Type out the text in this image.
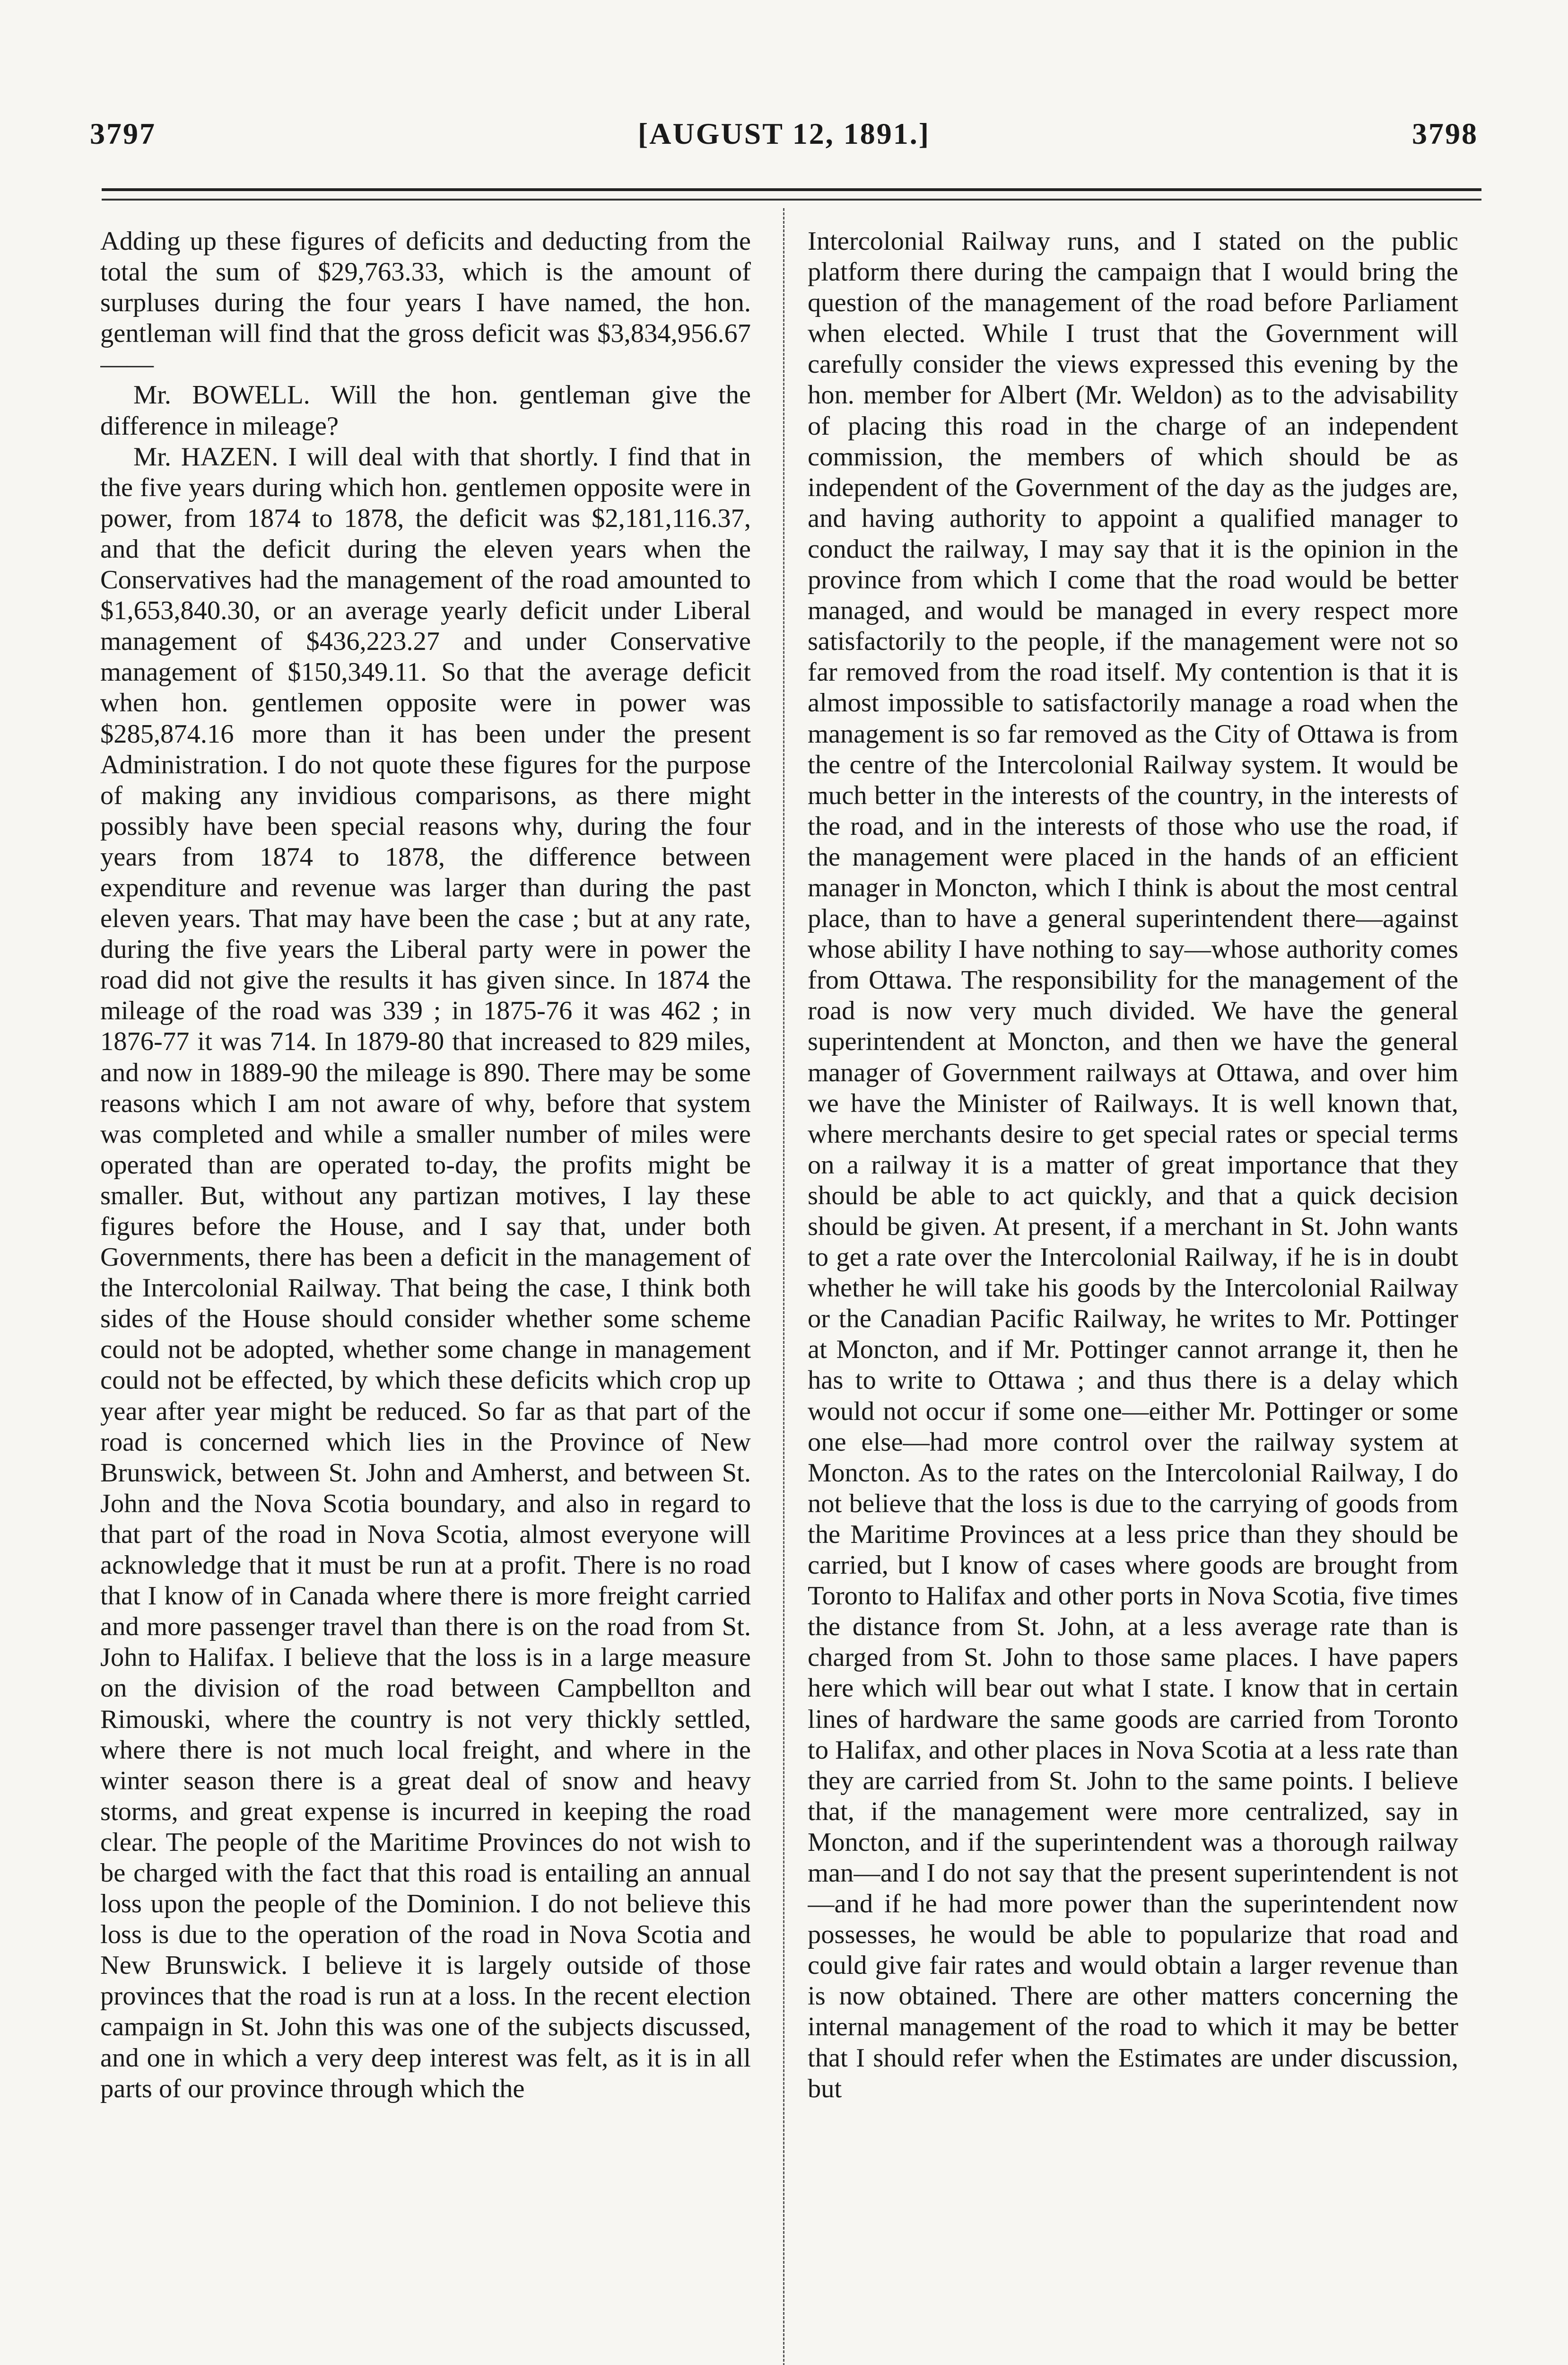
3797	[AUGUST 12, 1891.]	3798

Adding up these figures of deficits and deducting from the total the sum of $29,763.33, which is the amount of surpluses during the four years I have named, the hon. gentleman will find that the gross deficit was $3,834,956.67——

Mr. BOWELL. Will the hon. gentleman give the difference in mileage?

Mr. HAZEN. I will deal with that shortly. I find that in the five years during which hon. gentlemen opposite were in power, from 1874 to 1878, the deficit was $2,181,116.37, and that the deficit during the eleven years when the Conservatives had the management of the road amounted to $1,653,840.30, or an average yearly deficit under Liberal management of $436,223.27 and under Conservative management of $150,349.11. So that the average deficit when hon. gentlemen opposite were in power was $285,874.16 more than it has been under the present Administration. I do not quote these figures for the purpose of making any invidious comparisons, as there might possibly have been special reasons why, during the four years from 1874 to 1878, the difference between expenditure and revenue was larger than during the past eleven years. That may have been the case ; but at any rate, during the five years the Liberal party were in power the road did not give the results it has given since. In 1874 the mileage of the road was 339 ; in 1875-76 it was 462 ; in 1876-77 it was 714. In 1879-80 that increased to 829 miles, and now in 1889-90 the mileage is 890. There may be some reasons which I am not aware of why, before that system was completed and while a smaller number of miles were operated than are operated to-day, the profits might be smaller. But, without any partizan motives, I lay these figures before the House, and I say that, under both Governments, there has been a deficit in the management of the Intercolonial Railway. That being the case, I think both sides of the House should consider whether some scheme could not be adopted, whether some change in management could not be effected, by which these deficits which crop up year after year might be reduced. So far as that part of the road is concerned which lies in the Province of New Brunswick, between St. John and Amherst, and between St. John and the Nova Scotia boundary, and also in regard to that part of the road in Nova Scotia, almost everyone will acknowledge that it must be run at a profit. There is no road that I know of in Canada where there is more freight carried and more passenger travel than there is on the road from St. John to Halifax. I believe that the loss is in a large measure on the division of the road between Campbellton and Rimouski, where the country is not very thickly settled, where there is not much local freight, and where in the winter season there is a great deal of snow and heavy storms, and great expense is incurred in keeping the road clear. The people of the Maritime Provinces do not wish to be charged with the fact that this road is entailing an annual loss upon the people of the Dominion. I do not believe this loss is due to the operation of the road in Nova Scotia and New Brunswick. I believe it is largely outside of those provinces that the road is run at a loss. In the recent election campaign in St. John this was one of the subjects discussed, and one in which a very deep interest was felt, as it is in all parts of our province through which the

Intercolonial Railway runs, and I stated on the public platform there during the campaign that I would bring the question of the management of the road before Parliament when elected. While I trust that the Government will carefully consider the views expressed this evening by the hon. member for Albert (Mr. Weldon) as to the advisability of placing this road in the charge of an independent commission, the members of which should be as independent of the Government of the day as the judges are, and having authority to appoint a qualified manager to conduct the railway, I may say that it is the opinion in the province from which I come that the road would be better managed, and would be managed in every respect more satisfactorily to the people, if the management were not so far removed from the road itself. My contention is that it is almost impossible to satisfactorily manage a road when the management is so far removed as the City of Ottawa is from the centre of the Intercolonial Railway system. It would be much better in the interests of the country, in the interests of the road, and in the interests of those who use the road, if the management were placed in the hands of an efficient manager in Moncton, which I think is about the most central place, than to have a general superintendent there—against whose ability I have nothing to say—whose authority comes from Ottawa. The responsibility for the management of the road is now very much divided. We have the general superintendent at Moncton, and then we have the general manager of Government railways at Ottawa, and over him we have the Minister of Railways. It is well known that, where merchants desire to get special rates or special terms on a railway it is a matter of great importance that they should be able to act quickly, and that a quick decision should be given. At present, if a merchant in St. John wants to get a rate over the Intercolonial Railway, if he is in doubt whether he will take his goods by the Intercolonial Railway or the Canadian Pacific Railway, he writes to Mr. Pottinger at Moncton, and if Mr. Pottinger cannot arrange it, then he has to write to Ottawa ; and thus there is a delay which would not occur if some one—either Mr. Pottinger or some one else—had more control over the railway system at Moncton. As to the rates on the Intercolonial Railway, I do not believe that the loss is due to the carrying of goods from the Maritime Provinces at a less price than they should be carried, but I know of cases where goods are brought from Toronto to Halifax and other ports in Nova Scotia, five times the distance from St. John, at a less average rate than is charged from St. John to those same places. I have papers here which will bear out what I state. I know that in certain lines of hardware the same goods are carried from Toronto to Halifax, and other places in Nova Scotia at a less rate than they are carried from St. John to the same points. I believe that, if the management were more centralized, say in Moncton, and if the superintendent was a thorough railway man—and I do not say that the present superintendent is not—and if he had more power than the superintendent now possesses, he would be able to popularize that road and could give fair rates and would obtain a larger revenue than is now obtained. There are other matters concerning the internal management of the road to which it may be better that I should refer when the Estimates are under discussion, but
